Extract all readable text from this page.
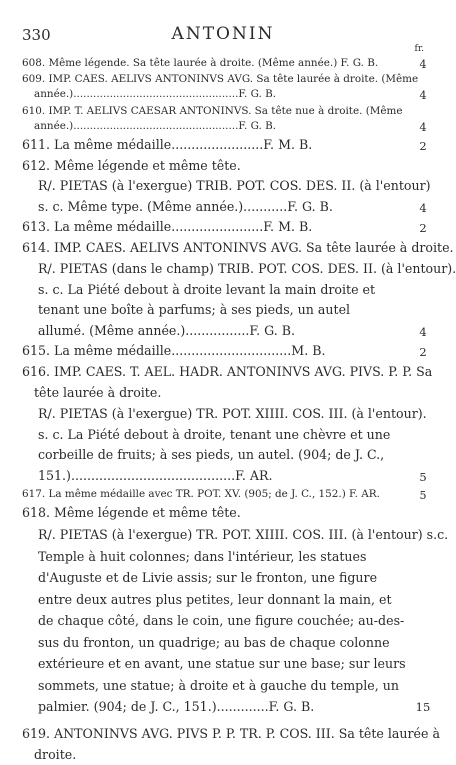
330	ANTONIN
fr.
608. Même légende. Sa tête laurée à droite. (Même année.) F. G. B.
609. IMP. CAES. AELIVS ANTONINVS AVG. Sa tête laurée à droite. (Même
année.)..................................................F. G. B.
610. IMP. T. AELIVS CAESAR ANTONINVS. Sa tête nue à droite. (Même
année.)..................................................F. G. B.
611. La même médaille.......................F. M. B.
612. Même légende et même tête.
R/. PIETAS (à l'exergue) TRIB. POT. COS. DES. II. (à l'entour)
s. c. Même type. (Même année.)...........F. G. B.
613. La même médaille.......................F. M. B.
614. IMP. CAES. AELIVS ANTONINVS AVG. Sa tête laurée à droite.
R/. PIETAS (dans le champ) TRIB. POT. COS. DES. II. (à l'entour).
s. c. La Piété debout à droite levant la main droite et
tenant une boîte à parfums; à ses pieds, un autel
allumé. (Même année.)................F. G. B.
615. La même médaille..............................M. B.
616. IMP. CAES. T. AEL. HADR. ANTONINVS AVG. PIVS. P. P. Sa
tête laurée à droite.
R/. PIETAS (à l'exergue) TR. POT. XIIII. COS. III. (à l'entour).
s. c. La Piété debout à droite, tenant une chèvre et une
corbeille de fruits; à ses pieds, un autel. (904; de J. C.,
151.).........................................F. AR.
617. La même médaille avec TR. POT. XV. (905; de J. C., 152.) F. AR.
618. Même légende et même tête.
R/. PIETAS (à l'exergue) TR. POT. XIIII. COS. III. (à l'entour) s.c.
Temple à huit colonnes; dans l'intérieur, les statues
d'Auguste et de Livie assis; sur le fronton, une figure
entre deux autres plus petites, leur donnant la main, et
de chaque côté, dans le coin, une figure couchée; au-des-
sus du fronton, un quadrige; au bas de chaque colonne
extérieure et en avant, une statue sur une base; sur leurs
sommets, une statue; à droite et à gauche du temple, un
palmier. (904; de J. C., 151.).............F. G. B.
619. ANTONINVS AVG. PIVS P. P. TR. P. COS. III. Sa tête laurée à
droite.
4
4
4
2
4
2
4
2
5
5
15
